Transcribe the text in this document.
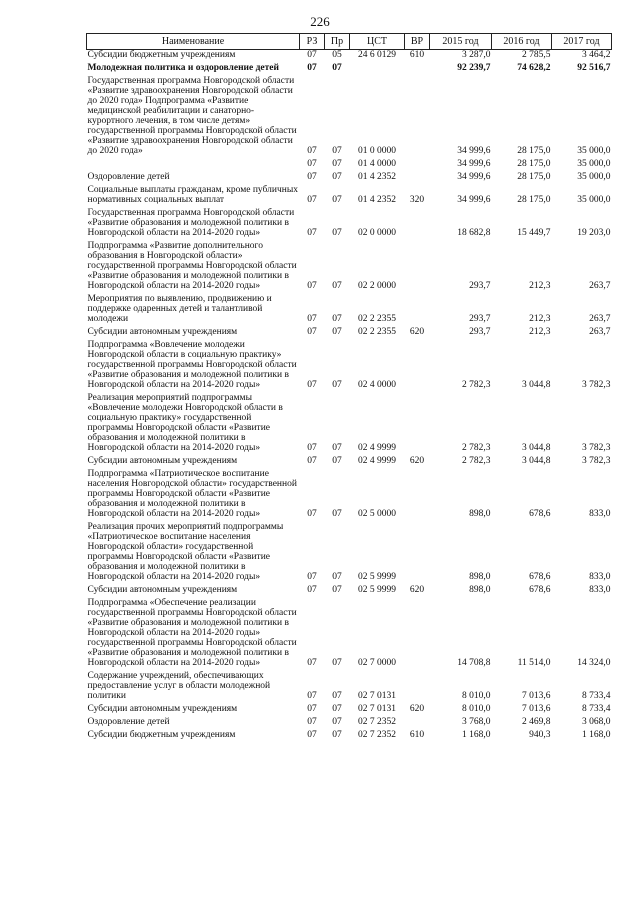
226
Наименование	РЗ	Пр	ЦСТ	ВР	2015 год	2016 год	2017 год
Субсидии бюджетным учреждениям	07	05	24 6 0129	610	3 287,0	2 785,5	3 464,2

Молодежная политика и оздоровление детей	07	07			92 239,7	74 628,2	92 516,7

Государственная программа Новгородской области «Развитие здравоохранения Новгородской области до 2020 года» Подпрограмма «Развитие медицинской реабилитации и санаторно-курортного лечения, в том числе детям» государственной программы Новгородской области «Развитие здравоохранения Новгородской области до 2020 года»	07	07	01 0 0000		34 999,6	28 175,0	35 000,0

	07	07	01 4 0000		34 999,6	28 175,0	35 000,0

Оздоровление детей	07	07	01 4 2352		34 999,6	28 175,0	35 000,0

Социальные выплаты гражданам, кроме публичных нормативных социальных выплат	07	07	01 4 2352	320	34 999,6	28 175,0	35 000,0

Государственная программа Новгородской области «Развитие образования и молодежной политики в Новгородской области на 2014-2020 годы»	07	07	02 0 0000		18 682,8	15 449,7	19 203,0

Подпрограмма «Развитие дополнительного образования в Новгородской области» государственной программы Новгородской области «Развитие образования и молодежной политики в Новгородской области на 2014-2020 годы»	07	07	02 2 0000		293,7	212,3	263,7

Мероприятия по выявлению, продвижению и поддержке одаренных детей и талантливой молодежи	07	07	02 2 2355		293,7	212,3	263,7

Субсидии автономным учреждениям	07	07	02 2 2355	620	293,7	212,3	263,7

Подпрограмма «Вовлечение молодежи Новгородской области в социальную практику» государственной программы Новгородской области «Развитие образования и молодежной политики в Новгородской области на 2014-2020 годы»	07	07	02 4 0000		2 782,3	3 044,8	3 782,3

Реализация мероприятий подпрограммы «Вовлечение молодежи Новгородской области в социальную практику» государственной программы Новгородской области «Развитие образования и молодежной политики в Новгородской области на 2014-2020 годы»	07	07	02 4 9999		2 782,3	3 044,8	3 782,3

Субсидии автономным учреждениям	07	07	02 4 9999	620	2 782,3	3 044,8	3 782,3

Подпрограмма «Патриотическое воспитание населения Новгородской области» государственной программы Новгородской области «Развитие образования и молодежной политики в Новгородской области на 2014-2020 годы»	07	07	02 5 0000		898,0	678,6	833,0

Реализация прочих мероприятий подпрограммы «Патриотическое воспитание населения Новгородской области» государственной программы Новгородской области «Развитие образования и молодежной политики в Новгородской области на 2014-2020 годы»	07	07	02 5 9999		898,0	678,6	833,0

Субсидии автономным учреждениям	07	07	02 5 9999	620	898,0	678,6	833,0

Подпрограмма «Обеспечение реализации государственной программы Новгородской области «Развитие образования и молодежной политики в Новгородской области на 2014-2020 годы» государственной программы Новгородской области «Развитие образования и молодежной политики в Новгородской области на 2014-2020 годы»	07	07	02 7 0000		14 708,8	11 514,0	14 324,0

Содержание учреждений, обеспечивающих предоставление услуг в области молодежной политики	07	07	02 7 0131		8 010,0	7 013,6	8 733,4

Субсидии автономным учреждениям	07	07	02 7 0131	620	8 010,0	7 013,6	8 733,4

Оздоровление детей	07	07	02 7 2352		3 768,0	2 469,8	3 068,0

Субсидии бюджетным учреждениям	07	07	02 7 2352	610	1 168,0	940,3	1 168,0
